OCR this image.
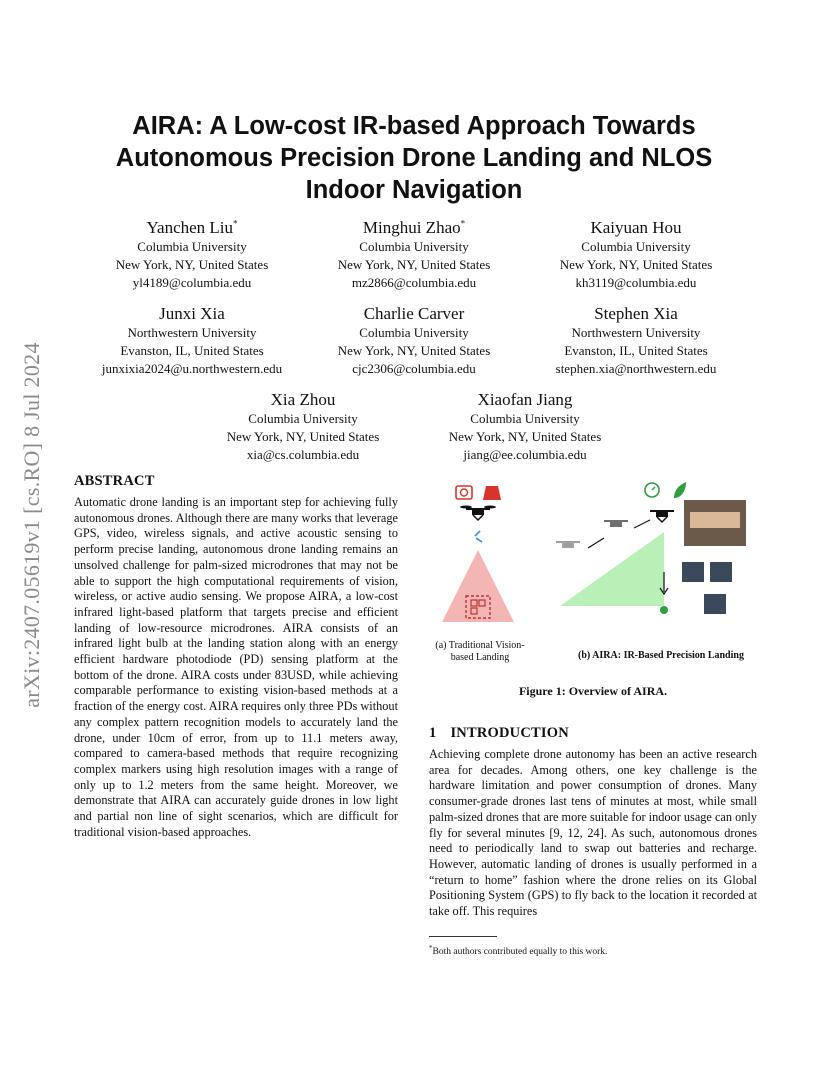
arXiv:2407.05619v1 [cs.RO] 8 Jul 2024
AIRA: A Low-cost IR-based Approach Towards Autonomous Precision Drone Landing and NLOS Indoor Navigation
Yanchen Liu*
Columbia University
New York, NY, United States
yl4189@columbia.edu
Minghui Zhao*
Columbia University
New York, NY, United States
mz2866@columbia.edu
Kaiyuan Hou
Columbia University
New York, NY, United States
kh3119@columbia.edu
Junxi Xia
Northwestern University
Evanston, IL, United States
junxixia2024@u.northwestern.edu
Charlie Carver
Columbia University
New York, NY, United States
cjc2306@columbia.edu
Stephen Xia
Northwestern University
Evanston, IL, United States
stephen.xia@northwestern.edu
Xia Zhou
Columbia University
New York, NY, United States
xia@cs.columbia.edu
Xiaofan Jiang
Columbia University
New York, NY, United States
jiang@ee.columbia.edu
ABSTRACT

Automatic drone landing is an important step for achieving fully autonomous drones. Although there are many works that leverage GPS, video, wireless signals, and active acoustic sensing to perform precise landing, autonomous drone landing remains an unsolved challenge for palm-sized microdrones that may not be able to support the high computational requirements of vision, wireless, or active audio sensing. We propose AIRA, a low-cost infrared light-based platform that targets precise and efficient landing of low-resource microdrones. AIRA consists of an infrared light bulb at the landing station along with an energy efficient hardware photodiode (PD) sensing platform at the bottom of the drone. AIRA costs under 83USD, while achieving comparable performance to existing vision-based methods at a fraction of the energy cost. AIRA requires only three PDs without any complex pattern recognition models to accurately land the drone, under 10cm of error, from up to 11.1 meters away, compared to camera-based methods that require recognizing complex markers using high resolution images with a range of only up to 1.2 meters from the same height. Moreover, we demonstrate that AIRA can accurately guide drones in low light and partial non line of sight scenarios, which are difficult for traditional vision-based approaches.

(a) Traditional Vision-based Landing	(b) AIRA: IR-Based Precision Landing
Figure 1: Overview of AIRA.
1 INTRODUCTION

Achieving complete drone autonomy has been an active research area for decades. Among others, one key challenge is the hardware limitation and power consumption of drones. Many consumer-grade drones last tens of minutes at most, while small palm-sized drones that are more suitable for indoor usage can only fly for several minutes [9, 12, 24]. As such, autonomous drones need to periodically land to swap out batteries and recharge. However, automatic landing of drones is usually performed in a “return to home” fashion where the drone relies on its Global Positioning System (GPS) to fly back to the location it recorded at take off. This requires

*Both authors contributed equally to this work.
